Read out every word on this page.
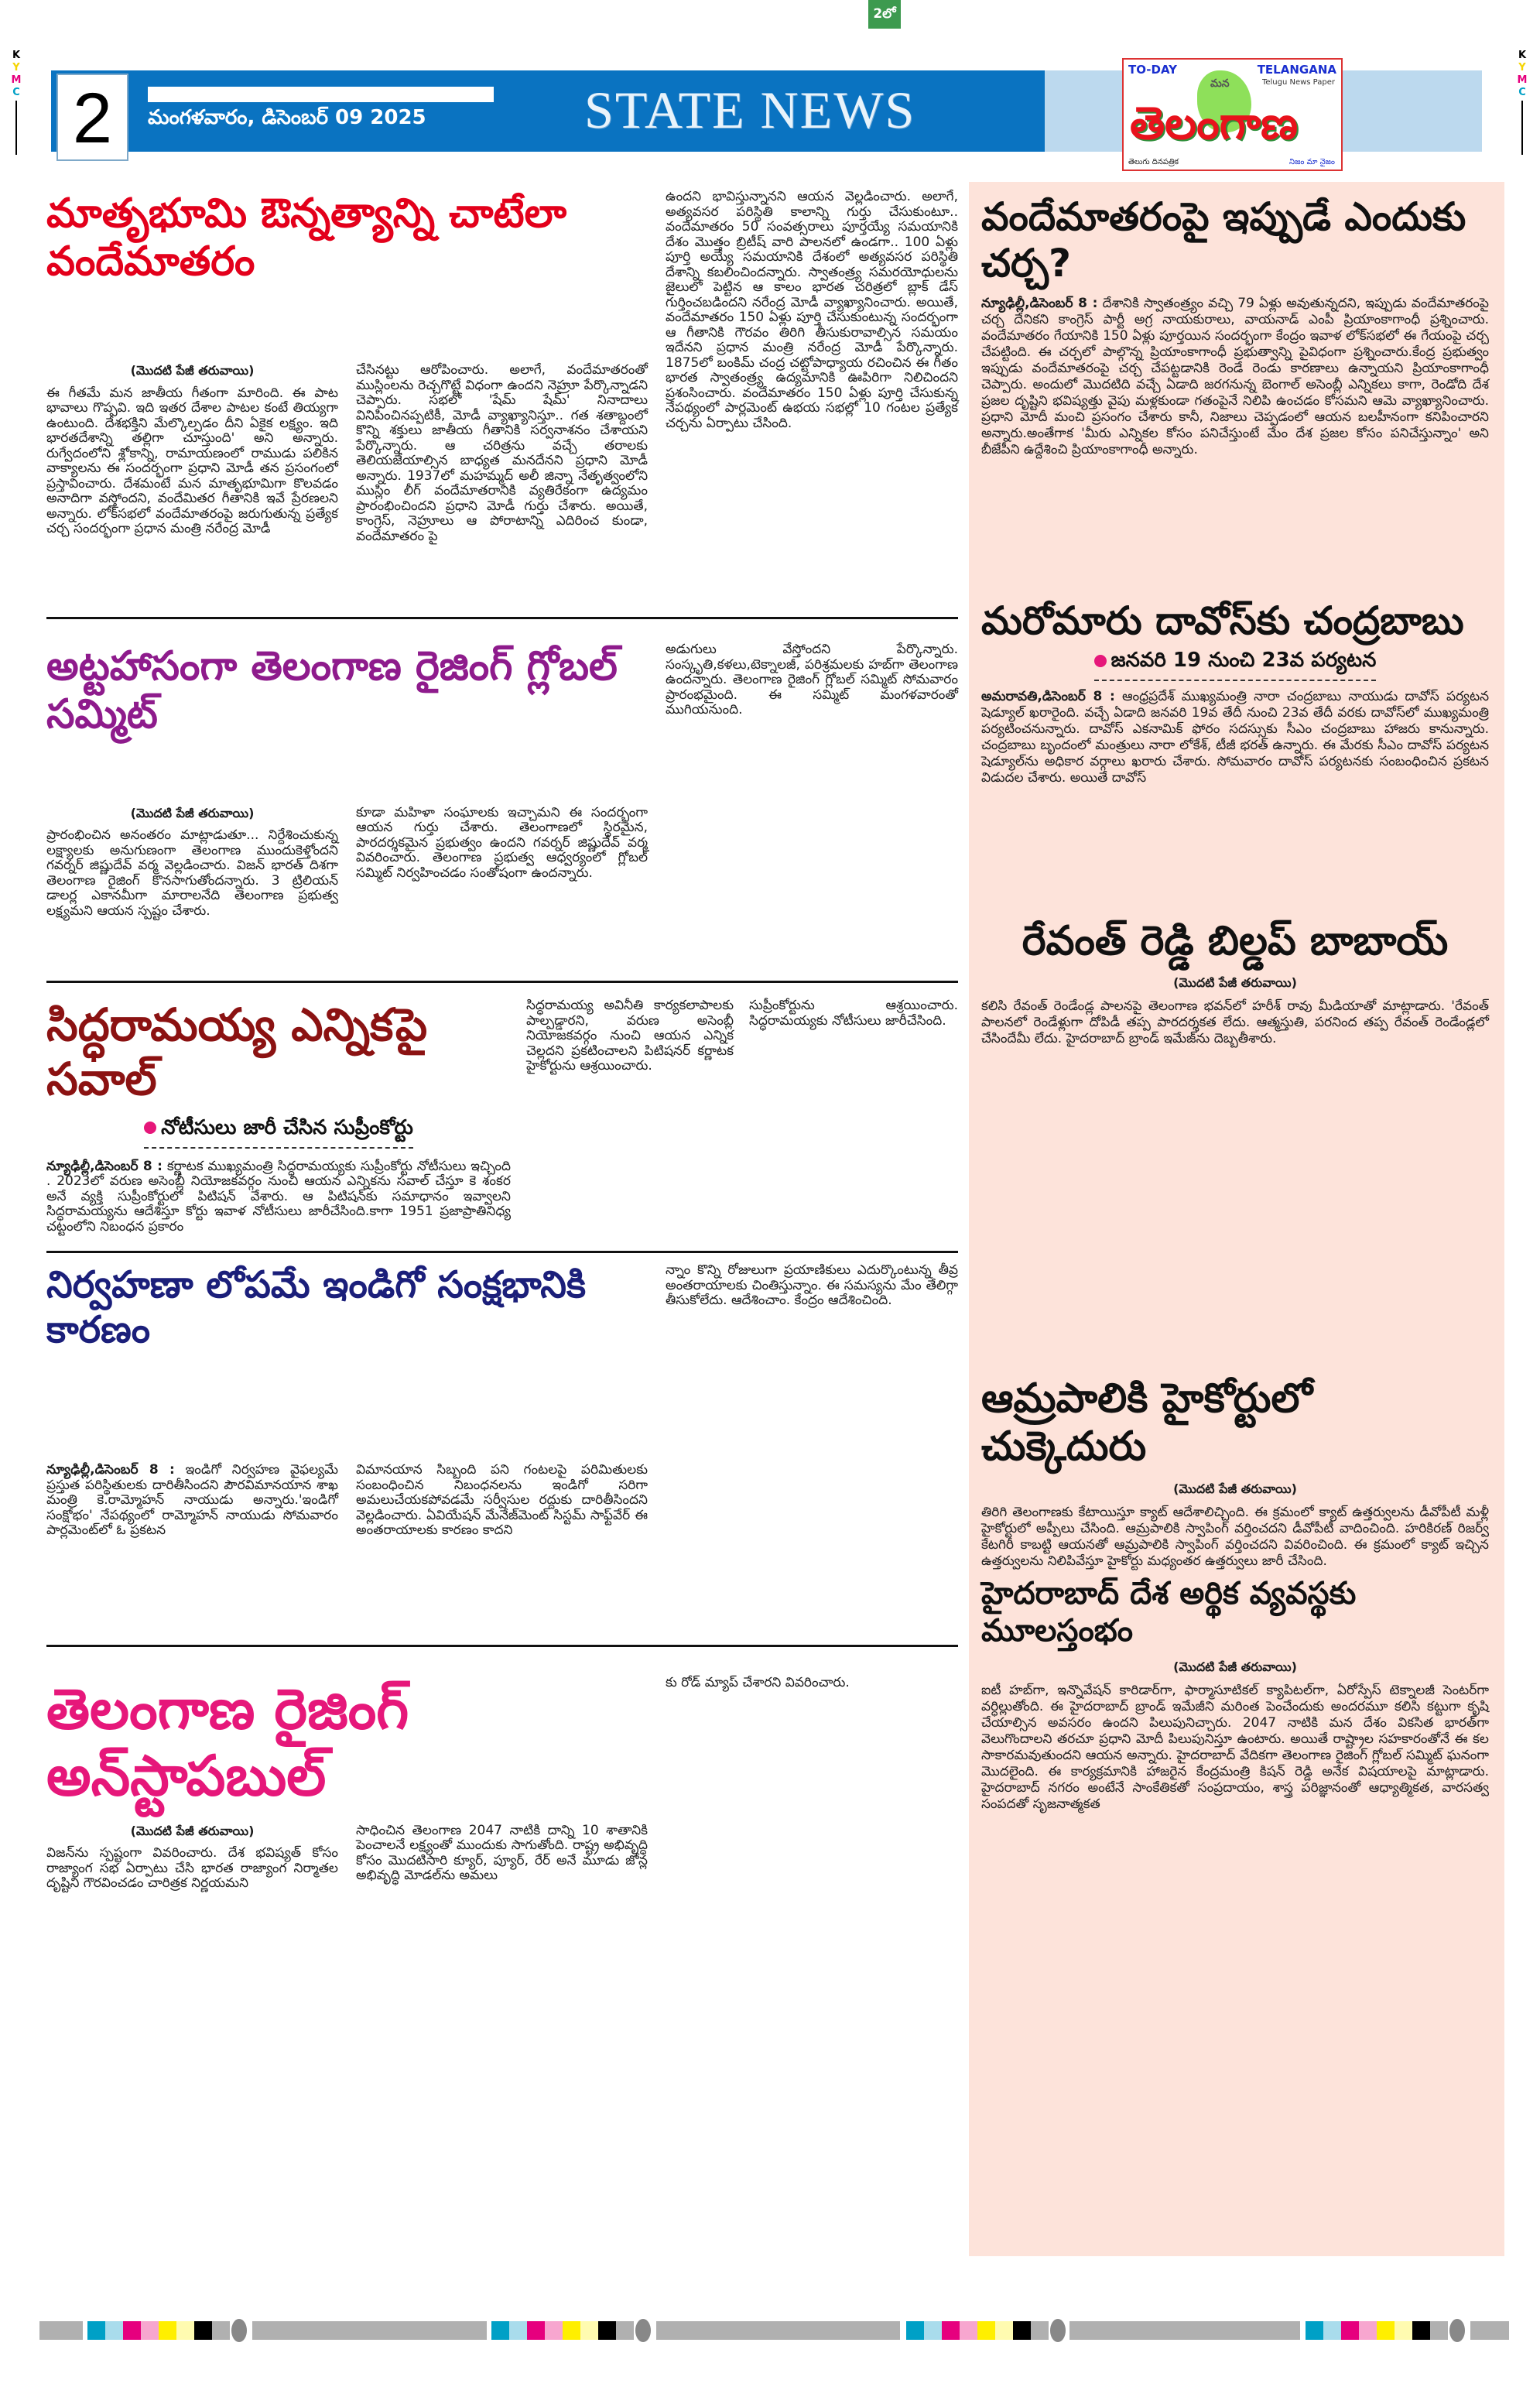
2లో
K
Y
M
C
K
Y
M
C
2	మంగళవారం, డిసెంబర్ 09 2025	STATE NEWS
TO-DAY	TELANGANA
Telugu News Paper
మన
తెలంగాణ
తెలుగు దినపత్రిక	నిజం మా నైజం
మాతృభూమి ఔన్నత్యాన్ని చాటేలా వందేమాతరం

(మొదటి పేజీ తరువాయి)

ఈ గీతమే మన జాతీయ గీతంగా మారింది. ఈ పాట భావాలు గొప్పవి. ఇది ఇతర దేశాల పాటల కంటే తియ్యగా ఉంటుంది. దేశభక్తిని మేల్కొల్పడం దీని ఏకైక లక్ష్యం. ఇది భారతదేశాన్ని తల్లిగా చూస్తుంది' అని అన్నారు. రుగ్వేదంలోని శ్లోకాన్ని, రామాయణంలో రాముడు పలికిన వాక్యాలను ఈ సందర్భంగా ప్రధాని మోడీ తన ప్రసంగంలో ప్రస్తావించారు. దేశమంటే మన మాతృభూమిగా కొలవడం అనాదిగా వస్తోందని, వందేమితర గీతానికి ఇవే ప్రేరణలని అన్నారు. లోక్‌సభలో వందేమాతరంపై జరుగుతున్న ప్రత్యేక చర్చ సందర్భంగా ప్రధాన మంత్రి నరేంద్ర మోడీ

చేసినట్టు ఆరోపించారు. అలాగే, వందేమాతరంతో ముస్లింలను రెచ్చగొట్టే విధంగా ఉందని నెహ్రూ పేర్కొన్నాడని చెప్పారు. సభలో 'షేమ్ షేమ్' నినాదాలు వినిపించినప్పటికీ, మోడీ వ్యాఖ్యానిస్తూ.. గత శతాబ్దంలో కొన్ని శక్తులు జాతీయ గీతానికి సర్వనాశనం చేశాయని పేర్కొన్నారు. ఆ చరిత్రను వచ్చే తరాలకు తెలియజేయాల్సిన బాధ్యత మనదేనని ప్రధాని మోడీ అన్నారు. 1937లో మహమ్మద్ అలీ జిన్నా నేతృత్వంలోని ముస్లిం లీగ్ వందేమాతరానికి వ్యతిరేకంగా ఉద్యమం ప్రారంభించిందని ప్రధాని మోడీ గుర్తు చేశారు. అయితే, కాంగ్రెస్, నెహ్రూలు ఆ పోరాటాన్ని ఎదిరించ కుండా, వందేమాతరం పై

ఉందని భావిస్తున్నానని ఆయన వెల్లడించారు. అలాగే, అత్యవసర పరిస్థితి కాలాన్ని గుర్తు చేసుకుంటూ.. వందేమాతరం 50 సంవత్సరాలు పూర్తయ్యే సమయానికి దేశం మొత్తం బ్రిటీష్ వారి పాలనలో ఉండగా.. 100 ఏళ్లు పూర్తి అయ్యే సమయానికి దేశంలో అత్యవసర పరిస్థితి దేశాన్ని కబలించిందన్నారు. స్వాతంత్ర్య సమరయోధులను జైలులో పెట్టిన ఆ కాలం భారత చరిత్రలో బ్లాక్ డేస్ గుర్తించబడిందని నరేంద్ర మోడీ వ్యాఖ్యానించారు. అయితే, వందేమాతరం 150 ఏళ్లు పూర్తి చేసుకుంటున్న సందర్భంగా ఆ గీతానికి గౌరవం తిరిగి తీసుకురావాల్సిన సమయం ఇదేనని ప్రధాన మంత్రి నరేంద్ర మోడీ పేర్కొన్నారు. 1875లో బంకిమ్ చంద్ర చట్టోపాధ్యాయ రచించిన ఈ గీతం భారత స్వాతంత్ర్య ఉద్యమానికి ఊపిరిగా నిలిచిందని ప్రశంసించారు. వందేమాతరం 150 ఏళ్లు పూర్తి చేసుకున్న నేపథ్యంలో పార్లమెంట్ ఉభయ సభల్లో 10 గంటల ప్రత్యేక చర్చను ఏర్పాటు చేసింది.

అట్టహాసంగా తెలంగాణ రైజింగ్ గ్లోబల్ సమ్మిట్

(మొదటి పేజీ తరువాయి)

ప్రారంభించిన అనంతరం మాట్లాడుతూ... నిర్దేశించుకున్న లక్ష్యాలకు అనుగుణంగా తెలంగాణ ముందుకెళ్తోందని గవర్నర్ జిష్ణుదేవ్ వర్మ వెల్లడించారు. విజన్ భారత్ దిశగా తెలంగాణ రైజింగ్ కొనసాగుతోందన్నారు. 3 ట్రిలియన్ డాలర్ల ఎకానమీగా మారాలనేది తెలంగాణ ప్రభుత్వ లక్ష్యమని ఆయన స్పష్టం చేశారు.

కూడా మహిళా సంఘాలకు ఇచ్చామని ఈ సందర్భంగా ఆయన గుర్తు చేశారు. తెలంగాణలో స్థిరమైన, పారదర్శకమైన ప్రభుత్వం ఉందని గవర్నర్ జిష్ణుదేవ్ వర్మ వివరించారు. తెలంగాణ ప్రభుత్వ ఆధ్వర్యంలో గ్లోబల్ సమ్మిట్ నిర్వహించడం సంతోషంగా ఉందన్నారు.

అడుగులు వేస్తోందని పేర్కొన్నారు. సంస్కృతి,కళలు,టెక్నాలజీ, పరిశ్రమలకు హబ్‌గా తెలంగాణ ఉందన్నారు. తెలంగాణ రైజింగ్ గ్లోబల్ సమ్మిట్ సోమవారం ప్రారంభమైంది. ఈ సమ్మిట్ మంగళవారంతో ముగియనుంది.

సిద్ధరామయ్య ఎన్నికపై సవాల్
నోటీసులు జారీ చేసిన సుప్రీంకోర్టు

న్యూఢిల్లీ,డిసెంబర్ 8 : కర్ణాటక ముఖ్యమంత్రి సిద్ధరామయ్యకు సుప్రీంకోర్టు నోటీసులు ఇచ్చింది . 2023లో వరుణ అసెంబ్లీ నియోజకవర్గం నుంచి ఆయన ఎన్నికను సవాల్ చేస్తూ కె శంకర అనే వ్యక్తి సుప్రీంకోర్టులో పిటిషన్ వేశారు. ఆ పిటిషన్‌కు సమాధానం ఇవ్వాలని సిద్ధరామయ్యను ఆదేశిస్తూ కోర్టు ఇవాళ నోటీసులు జారీచేసింది.కాగా 1951 ప్రజాప్రాతినిధ్య చట్టంలోని నిబంధన ప్రకారం

సిద్ధరామయ్య అవినీతి కార్యకలాపాలకు పాల్పడ్డారని, వరుణ అసెంబ్లీ నియోజకవర్గం నుంచి ఆయన ఎన్నిక చెల్లదని ప్రకటించాలని పిటిషనర్ కర్ణాటక హైకోర్టును ఆశ్రయించారు.

సుప్రీంకోర్టును ఆశ్రయించారు. సిద్ధరామయ్యకు నోటీసులు జారీచేసింది.

నిర్వహణా లోపమే ఇండిగో సంక్షభానికి కారణం

న్యూఢిల్లీ,డిసెంబర్ 8 : ఇండిగో నిర్వహణ వైఫల్యమే ప్రస్తుత పరిస్థితులకు దారితీసిందని పౌరవిమానయాన శాఖ మంత్రి కె.రామ్మోహన్ నాయుడు అన్నారు.'ఇండిగో సంక్షోభం' నేపథ్యంలో రామ్మోహన్ నాయుడు సోమవారం పార్లమెంట్‌లో ఓ ప్రకటన

విమానయాన సిబ్బంది పని గంటలపై పరిమితులకు సంబంధించిన నిబంధనలను ఇండిగో సరిగా అమలుచేయకపోవడమే సర్వీసుల రద్దుకు దారితీసిందని వెల్లడించారు. ఏవియేషన్ మేనేజ్‌మెంట్ సిస్టమ్ సాఫ్ట్‌వేర్ ఈ అంతరాయాలకు కారణం కాదని

న్నాం కొన్ని రోజులుగా ప్రయాణికులు ఎదుర్కొంటున్న తీవ్ర అంతరాయాలకు చింతిస్తున్నాం. ఈ సమస్యను మేం తేలిగ్గా తీసుకోలేదు. ఆదేశించాం. కేంద్రం ఆదేశించింది.

తెలంగాణ రైజింగ్ అన్‌స్టాపబుల్

(మొదటి పేజీ తరువాయి)

విజన్‌ను స్పష్టంగా వివరించారు. దేశ భవిష్యత్ కోసం రాజ్యాంగ సభ ఏర్పాటు చేసి భారత రాజ్యాంగ నిర్మాతల దృష్టిని గౌరవించడం చారిత్రక నిర్ణయమని

సాధించిన తెలంగాణ 2047 నాటికి దాన్ని 10 శాతానికి పెంచాలనే లక్ష్యంతో ముందుకు సాగుతోంది. రాష్ట్ర అభివృద్ధి కోసం మొదటిసారి క్యూర్, ప్యూర్, రేర్ అనే మూడు జోన్ల అభివృద్ధి మోడల్‌ను అమలు

కు రోడ్ మ్యాప్ చేశారని వివరించారు.

వందేమాతరంపై ఇప్పుడే ఎందుకు చర్చ?

న్యూఢిల్లీ,డిసెంబర్ 8 : దేశానికి స్వాతంత్ర్యం వచ్చి 79 ఏళ్లు అవుతున్నదని, ఇప్పుడు వందేమాతరంపై చర్చ దేనికని కాంగ్రెస్ పార్టీ అగ్ర నాయకురాలు, వాయనాడ్ ఎంపీ ప్రియాంకాగాంధీ ప్రశ్నించారు. వందేమాతరం గేయానికి 150 ఏళ్లు పూర్తయిన సందర్భంగా కేంద్రం ఇవాళ లోక్‌సభలో ఈ గేయంపై చర్చ చేపట్టింది. ఈ చర్చలో పాల్గొన్న ప్రియాంకాగాంధీ ప్రభుత్వాన్ని పైవిధంగా ప్రశ్నించారు.కేంద్ర ప్రభుత్వం ఇప్పుడు వందేమాతరంపై చర్చ చేపట్టడానికి రెండే రెండు కారణాలు ఉన్నాయని ప్రియాంకాగాంధీ చెప్పారు. అందులో మొదటిది వచ్చే ఏడాది జరగనున్న బెంగాల్ అసెంబ్లీ ఎన్నికలు కాగా, రెండోది దేశ ప్రజల దృష్టిని భవిష్యత్తు వైపు మళ్లకుండా గతంపైనే నిలిపి ఉంచడం కోసమని ఆమె వ్యాఖ్యానించారు. ప్రధాని మోదీ మంచి ప్రసంగం చేశారు కానీ, నిజాలు చెప్పడంలో ఆయన బలహీనంగా కనిపించారని అన్నారు.అంతేగాక 'మీరు ఎన్నికల కోసం పనిచేస్తుంటే మేం దేశ ప్రజల కోసం పనిచేస్తున్నాం' అని బీజేపీని ఉద్దేశించి ప్రియాంకాగాంధీ అన్నారు.

మరోమారు దావోస్‌కు చంద్రబాబు
జనవరి 19 నుంచి 23వ పర్యటన

అమరావతి,డిసెంబర్ 8 : ఆంధ్రప్రదేశ్ ముఖ్యమంత్రి నారా చంద్రబాబు నాయుడు దావోస్ పర్యటన షెడ్యూల్ ఖరారైంది. వచ్చే ఏడాది జనవరి 19వ తేదీ నుంచి 23వ తేదీ వరకు దావోస్‌లో ముఖ్యమంత్రి పర్యటించనున్నారు. దావోస్ ఎకనామిక్ ఫోరం సదస్సుకు సీఎం చంద్రబాబు హాజరు కానున్నారు. చంద్రబాబు బృందంలో మంత్రులు నారా లోకేశ్, టీజీ భరత్ ఉన్నారు. ఈ మేరకు సీఎం దావోస్ పర్యటన షెడ్యూల్‌ను అధికార వర్గాలు ఖరారు చేశారు. సోమవారం దావోస్ పర్యటనకు సంబంధించిన ప్రకటన విడుదల చేశారు. అయితే దావోస్

రేవంత్ రెడ్డి బిల్డప్ బాబాయ్

(మొదటి పేజీ తరువాయి)

కలిసి రేవంత్ రెండేండ్ల పాలనపై తెలంగాణ భవన్‌లో హరీశ్ రావు మీడియాతో మాట్లాడారు. 'రేవంత్ పాలనలో రెండేళ్లుగా దోపిడీ తప్ప పారదర్శకత లేదు. ఆత్మస్తుతి, పరనింద తప్ప రేవంత్ రెండేండ్లలో చేసిందేమీ లేదు. హైదరాబాద్ బ్రాండ్ ఇమేజ్‌ను దెబ్బతీశారు.

ఆమ్రపాలికి హైకోర్టులో చుక్కెదురు

(మొదటి పేజీ తరువాయి)

తిరిగి తెలంగాణకు కేటాయిస్తూ క్యాట్ ఆదేశాలిచ్చింది. ఈ క్రమంలో క్యాట్ ఉత్తర్వులను డీవోపీటీ మళ్లీ హైకోర్టులో అప్పీలు చేసింది. ఆమ్రపాలికి స్వాపింగ్ వర్తించదని డీవోపీటీ వాదించింది. హరికిరణ్ రిజర్వ్ కేటగిరీ కాబట్టి ఆయనతో ఆమ్రపాలికి స్వాపింగ్ వర్తించదని వివరించింది. ఈ క్రమంలో క్యాట్ ఇచ్చిన ఉత్తర్వులను నిలిపివేస్తూ హైకోర్టు మధ్యంతర ఉత్తర్వులు జారీ చేసింది.

హైదరాబాద్ దేశ అర్థిక వ్యవస్థకు మూలస్తంభం

(మొదటి పేజీ తరువాయి)

ఐటీ హబ్‌గా, ఇన్నొవేషన్ కారిడార్‌గా, ఫార్మాసూటికల్ క్యాపిటల్‌గా, ఏరోస్పేస్ టెక్నాలజీ సెంటర్‌గా వర్ధిల్లుతోంది. ఈ హైదరాబాద్ బ్రాండ్ ఇమేజీని మరింత పెంచేందుకు అందరమూ కలిసి కట్టుగా కృషి చేయాల్సిన అవసరం ఉందని పిలుపునిచ్చారు. 2047 నాటికి మన దేశం వికసిత భారత్‌గా వెలుగొందాలని తరచూ ప్రధాని మోదీ పిలుపునిస్తూ ఉంటారు. అయితే రాష్ట్రాల సహకారంతోనే ఈ కల సాకారమవుతుందని ఆయన అన్నారు. హైదరాబాద్ వేదికగా తెలంగాణ రైజింగ్ గ్లోబల్ సమ్మిట్ ఘనంగా మొదలైంది. ఈ కార్యక్రమానికి హాజరైన కేంద్రమంత్రి కిషన్ రెడ్డి అనేక విషయాలపై మాట్లాడారు. హైదరాబాద్ నగరం అంటేనే సాంకేతికతో సంప్రదాయం, శాస్త్ర పరిజ్ఞానంతో ఆధ్యాత్మికత, వారసత్వ సంపదతో సృజనాత్మకత
